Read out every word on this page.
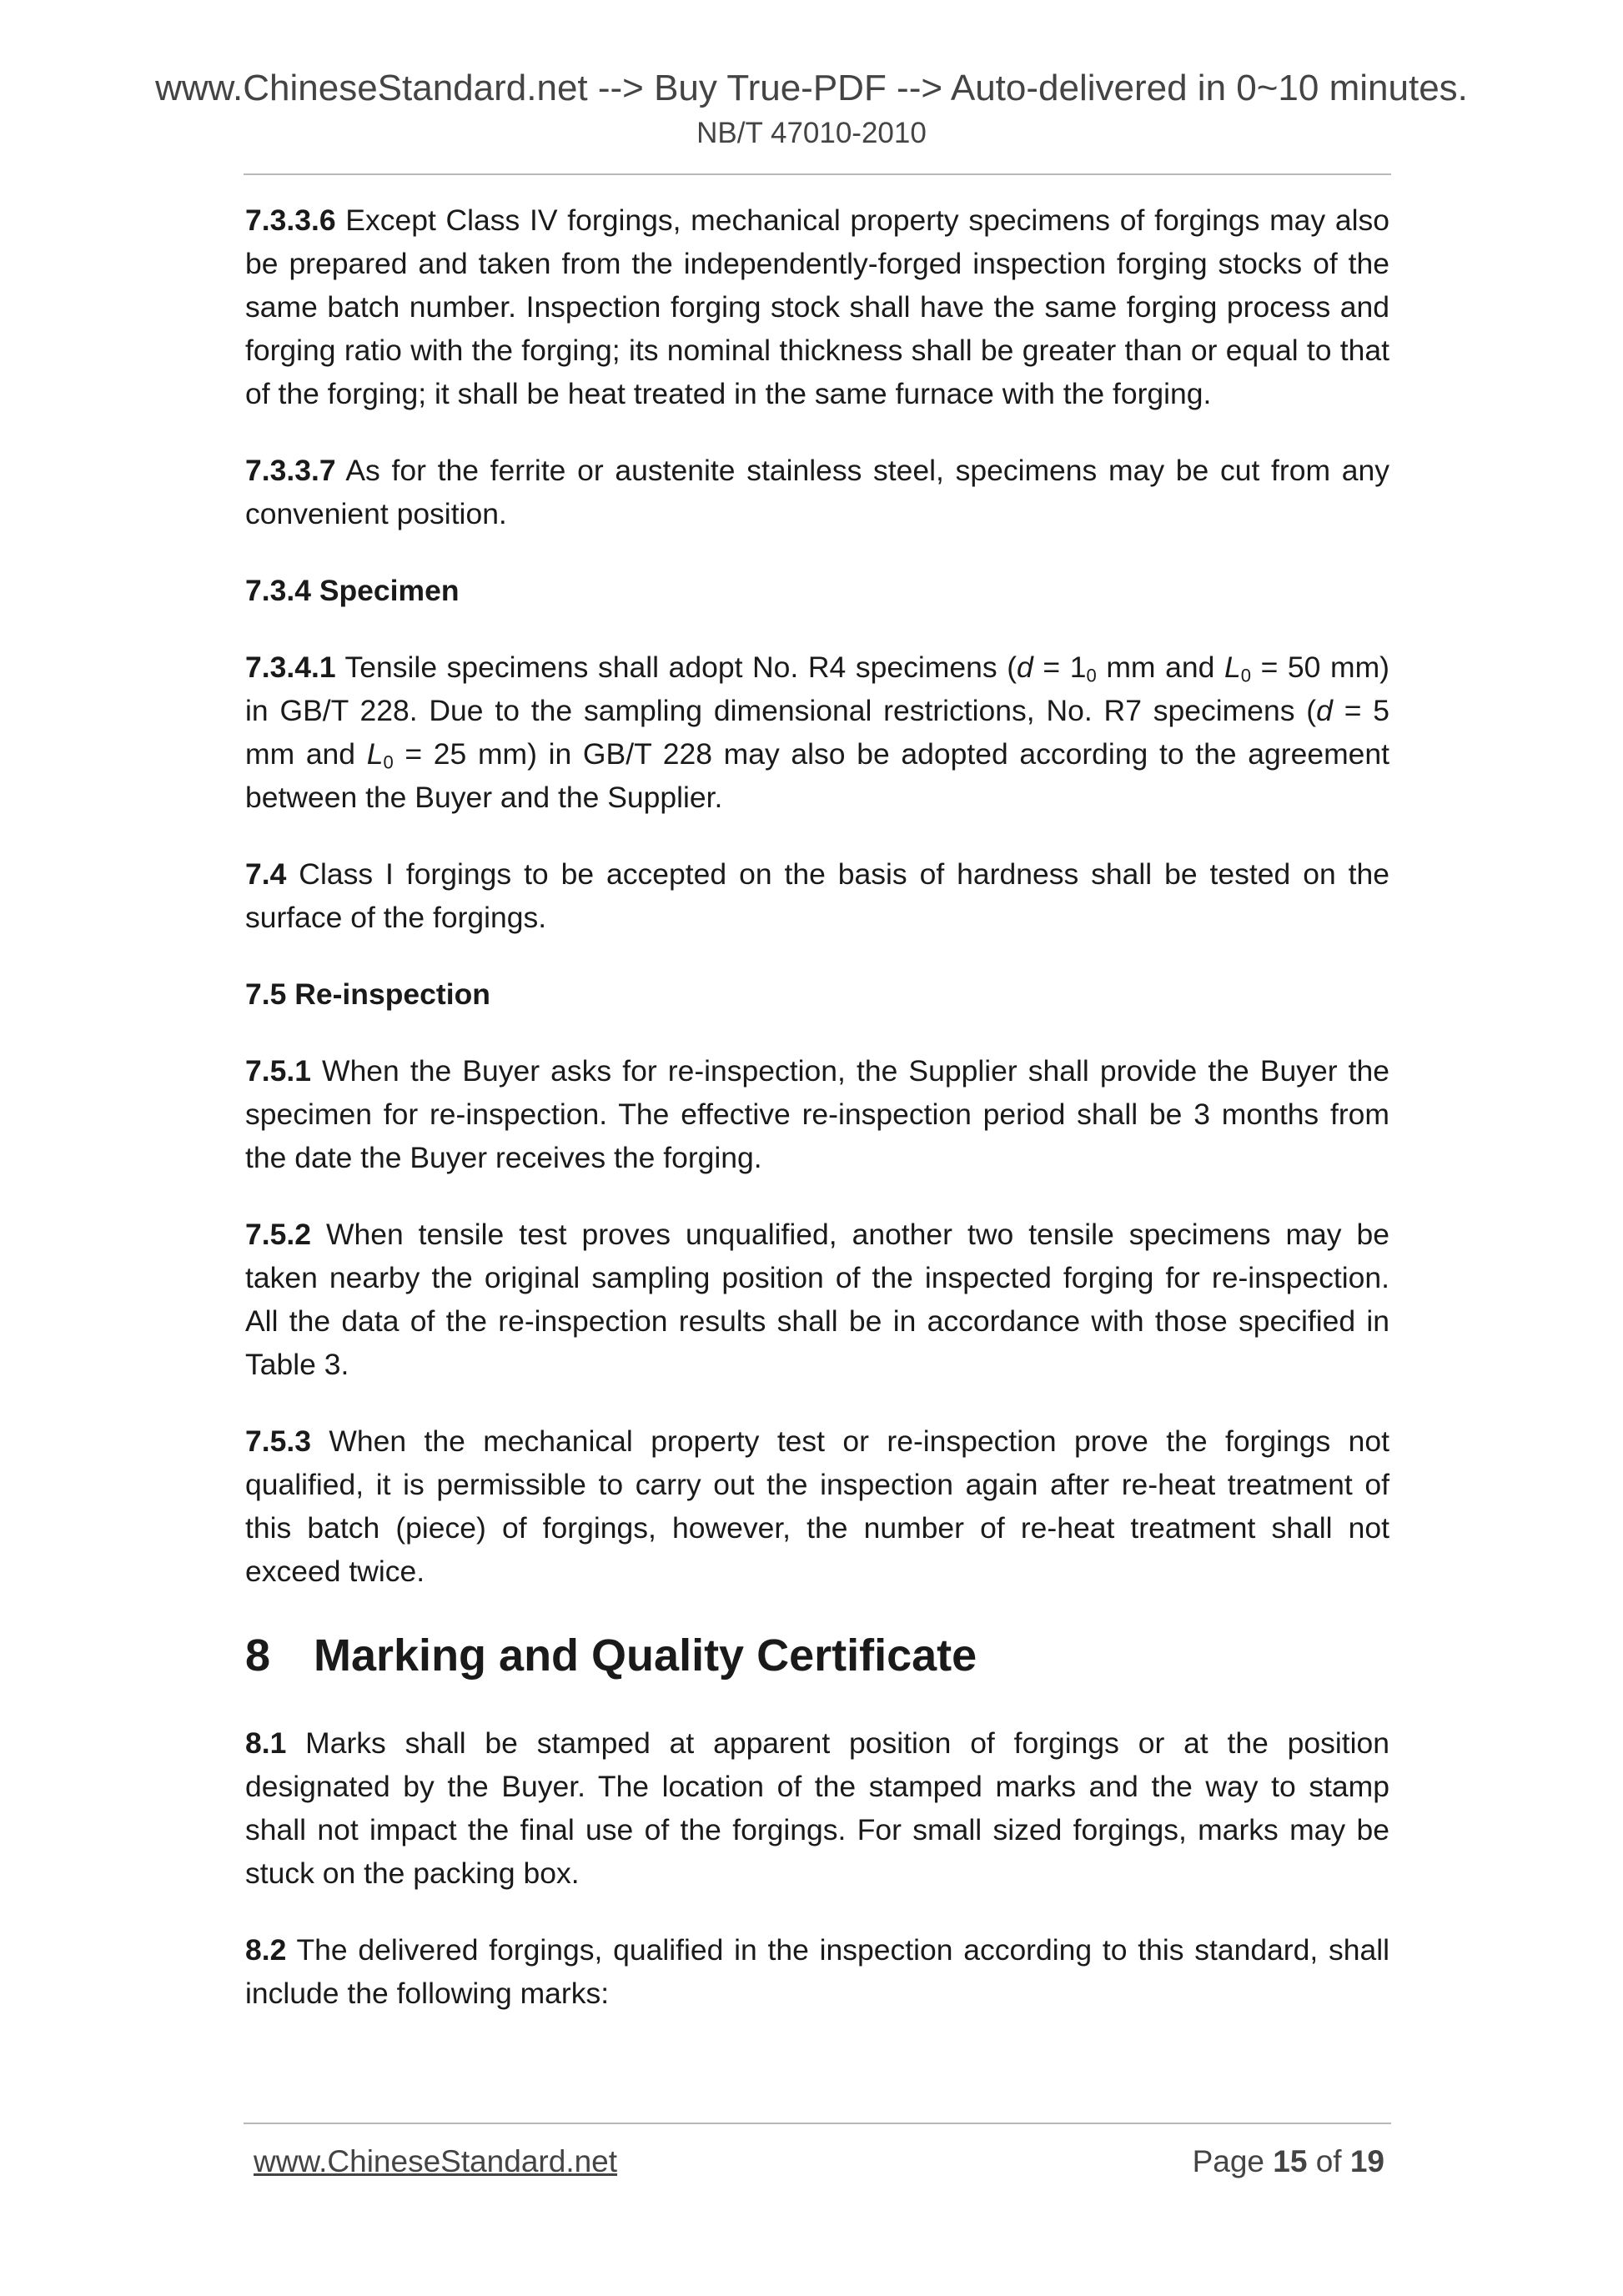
www.ChineseStandard.net --> Buy True-PDF --> Auto-delivered in 0~10 minutes.
NB/T 47010-2010

7.3.3.6 Except Class IV forgings, mechanical property specimens of forgings may also be prepared and taken from the independently-forged inspection forging stocks of the same batch number. Inspection forging stock shall have the same forging process and forging ratio with the forging; its nominal thickness shall be greater than or equal to that of the forging; it shall be heat treated in the same furnace with the forging.

7.3.3.7 As for the ferrite or austenite stainless steel, specimens may be cut from any convenient position.

7.3.4 Specimen

7.3.4.1 Tensile specimens shall adopt No. R4 specimens ($d = 1_0$ mm and $L_0 = 50$ mm) in GB/T 228. Due to the sampling dimensional restrictions, No. R7 specimens (d = 5 mm and $L_0 = 25$ mm) in GB/T 228 may also be adopted according to the agreement between the Buyer and the Supplier.

7.4 Class I forgings to be accepted on the basis of hardness shall be tested on the surface of the forgings.

7.5 Re-inspection

7.5.1 When the Buyer asks for re-inspection, the Supplier shall provide the Buyer the specimen for re-inspection. The effective re-inspection period shall be 3 months from the date the Buyer receives the forging.

7.5.2 When tensile test proves unqualified, another two tensile specimens may be taken nearby the original sampling position of the inspected forging for re-inspection. All the data of the re-inspection results shall be in accordance with those specified in Table 3.

7.5.3 When the mechanical property test or re-inspection prove the forgings not qualified, it is permissible to carry out the inspection again after re-heat treatment of this batch (piece) of forgings, however, the number of re-heat treatment shall not exceed twice.

8 Marking and Quality Certificate

8.1 Marks shall be stamped at apparent position of forgings or at the position designated by the Buyer. The location of the stamped marks and the way to stamp shall not impact the final use of the forgings. For small sized forgings, marks may be stuck on the packing box.

8.2 The delivered forgings, qualified in the inspection according to this standard, shall include the following marks:

www.ChineseStandard.net	Page 15 of 19
